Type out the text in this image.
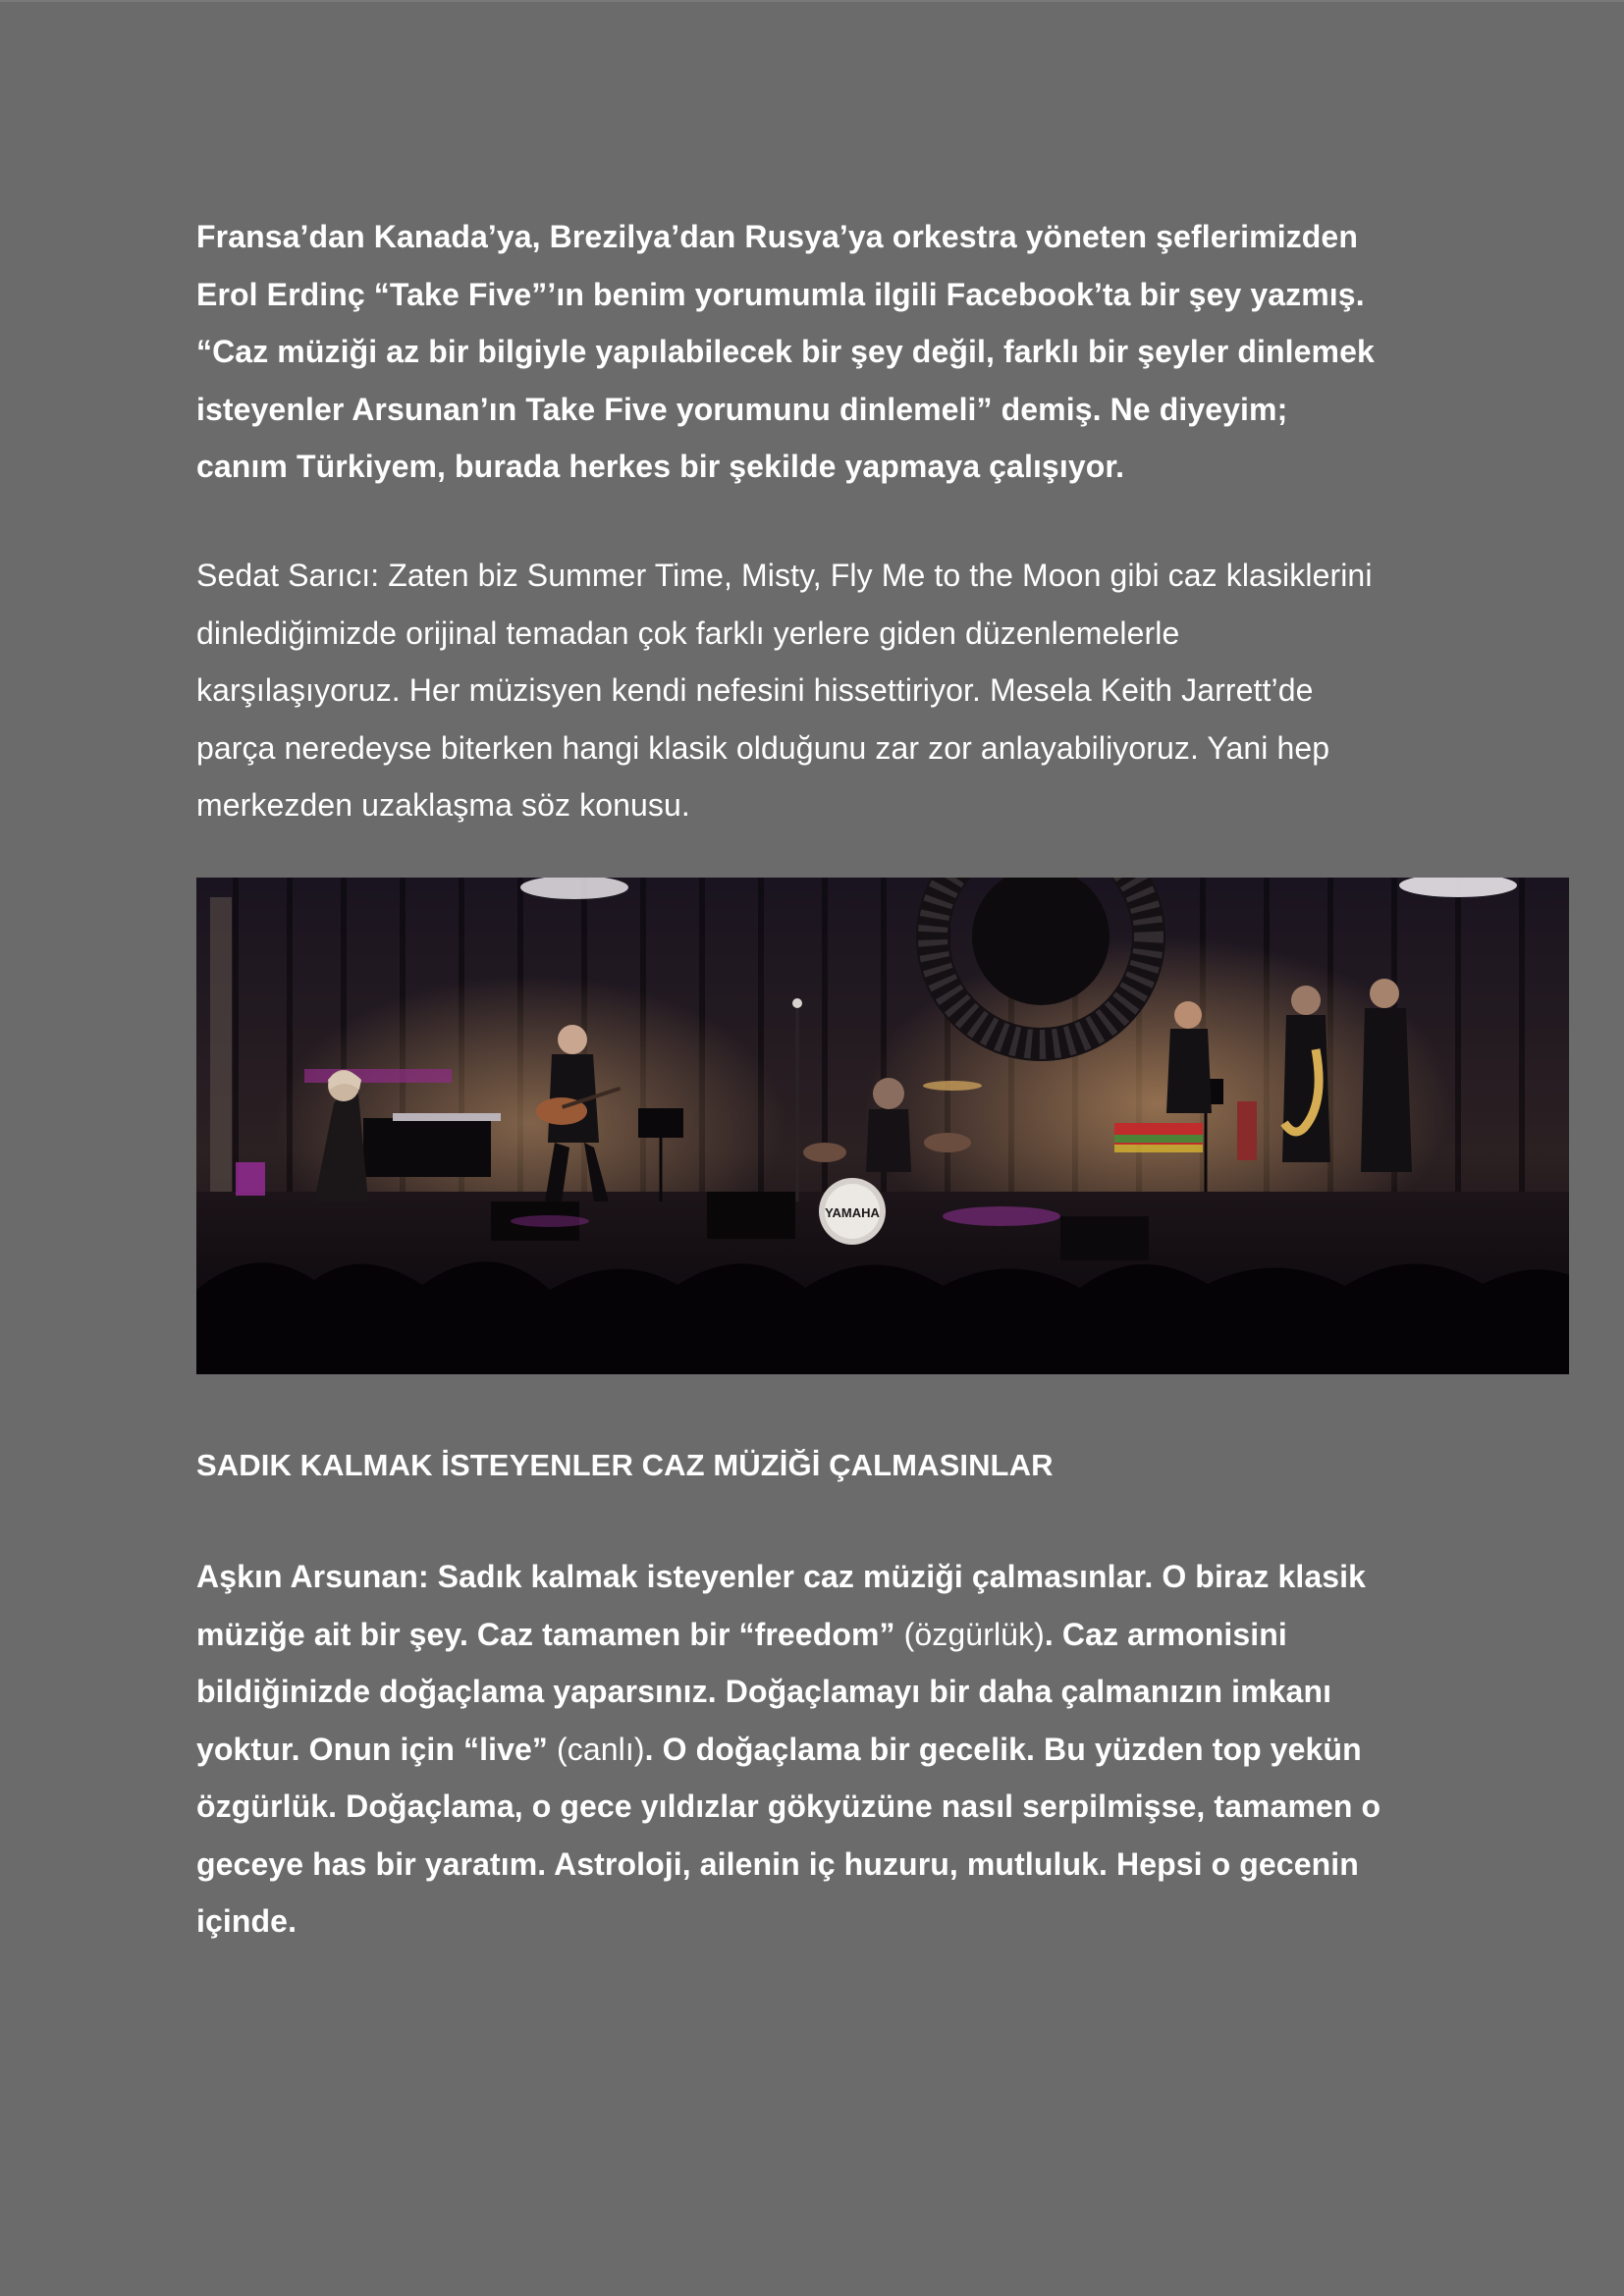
Fransa’dan Kanada’ya, Brezilya’dan Rusya’ya orkestra yöneten şeflerimizden
Erol Erdinç “Take Five”’ın benim yorumumla ilgili Facebook’ta bir şey yazmış.
“Caz müziği az bir bilgiyle yapılabilecek bir şey değil, farklı bir şeyler dinlemek
isteyenler Arsunan’ın Take Five yorumunu dinlemeli” demiş. Ne diyeyim;
canım Türkiyem, burada herkes bir şekilde yapmaya çalışıyor.

Sedat Sarıcı: Zaten biz Summer Time, Misty, Fly Me to the Moon gibi caz klasiklerini
dinlediğimizde orijinal temadan çok farklı yerlere giden düzenlemelerle
karşılaşıyoruz. Her müzisyen kendi nefesini hissettiriyor. Mesela Keith Jarrett’de
parça neredeyse biterken hangi klasik olduğunu zar zor anlayabiliyoruz. Yani hep
merkezden uzaklaşma söz konusu.

YAMAHA
SADIK KALMAK İSTEYENLER CAZ MÜZİĞİ ÇALMASINLAR

Aşkın Arsunan: Sadık kalmak isteyenler caz müziği çalmasınlar. O biraz klasik
müziğe ait bir şey. Caz tamamen bir “freedom” (özgürlük). Caz armonisini
bildiğinizde doğaçlama yaparsınız. Doğaçlamayı bir daha çalmanızın imkanı
yoktur. Onun için “live” (canlı). O doğaçlama bir gecelik. Bu yüzden top yekün
özgürlük. Doğaçlama, o gece yıldızlar gökyüzüne nasıl serpilmişse, tamamen o
geceye has bir yaratım. Astroloji, ailenin iç huzuru, mutluluk. Hepsi o gecenin
içinde.
